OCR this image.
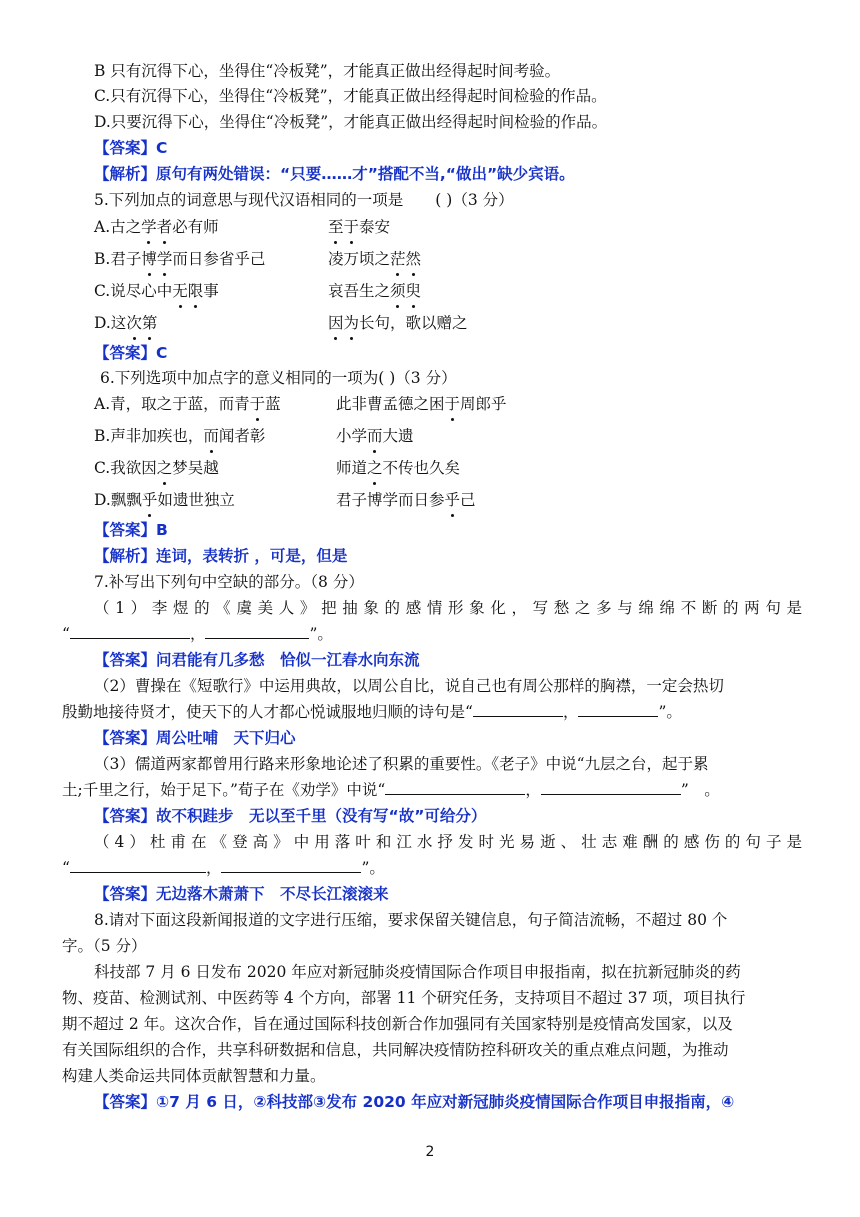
B 只有沉得下心，坐得住“冷板凳”，才能真正做出经得起时间考验。
C.只有沉得下心，坐得住“冷板凳”，才能真正做出经得起时间检验的作品。
D.只要沉得下心，坐得住“冷板凳”，才能真正做出经得起时间检验的作品。
【答案】C
【解析】原句有两处错误：“只要……才”搭配不当,“做出”缺少宾语。
5.下列加点的词意思与现代汉语相同的一项是 ( )（3 分）
A.古之学者必有师	至于泰安
B.君子博学而日参省乎己	凌万顷之茫然
C.说尽心中无限事	哀吾生之须臾
D.这次第	因为长句，歌以赠之
【答案】C
6.下列选项中加点字的意义相同的一项为( )（3 分）
A.青，取之于蓝，而青于蓝	此非曹孟德之困于周郎乎
B.声非加疾也，而闻者彰	小学而大遗
C.我欲因之梦吴越	师道之不传也久矣
D.飘飘乎如遗世独立	君子博学而日参乎己
【答案】B
【解析】连词，表转折 ，可是，但是
7.补写出下列句中空缺的部分。（8 分）
（1）李煜的《虞美人》把抽象的感情形象化，写愁之多与绵绵不断的两句是
“	，	”。
【答案】问君能有几多愁　恰似一江春水向东流
（2）曹操在《短歌行》中运用典故，以周公自比，说自己也有周公那样的胸襟，一定会热切
殷勤地接待贤才，使天下的人才都心悦诚服地归顺的诗句是“	，	”。
【答案】周公吐哺　天下归心
（3）儒道两家都曾用行路来形象地论述了积累的重要性。《老子》中说“九层之台，起于累
土;千里之行，始于足下。”荀子在《劝学》中说“	，	”　。
【答案】故不积跬步　无以至千里（没有写“故”可给分）
（4）杜甫在《登高》中用落叶和江水抒发时光易逝、壮志难酬的感伤的句子是
“	，	”。
【答案】无边落木萧萧下　不尽长江滚滚来
8.请对下面这段新闻报道的文字进行压缩，要求保留关键信息，句子简洁流畅，不超过 80 个
字。（5 分）
科技部 7 月 6 日发布 2020 年应对新冠肺炎疫情国际合作项目申报指南，拟在抗新冠肺炎的药
物、疫苗、检测试剂、中医药等 4 个方向，部署 11 个研究任务，支持项目不超过 37 项，项目执行
期不超过 2 年。这次合作，旨在通过国际科技创新合作加强同有关国家特别是疫情高发国家，以及
有关国际组织的合作，共享科研数据和信息，共同解决疫情防控科研攻关的重点难点问题，为推动
构建人类命运共同体贡献智慧和力量。
【答案】①7 月 6 日，②科技部③发布 2020 年应对新冠肺炎疫情国际合作项目申报指南，④
2
